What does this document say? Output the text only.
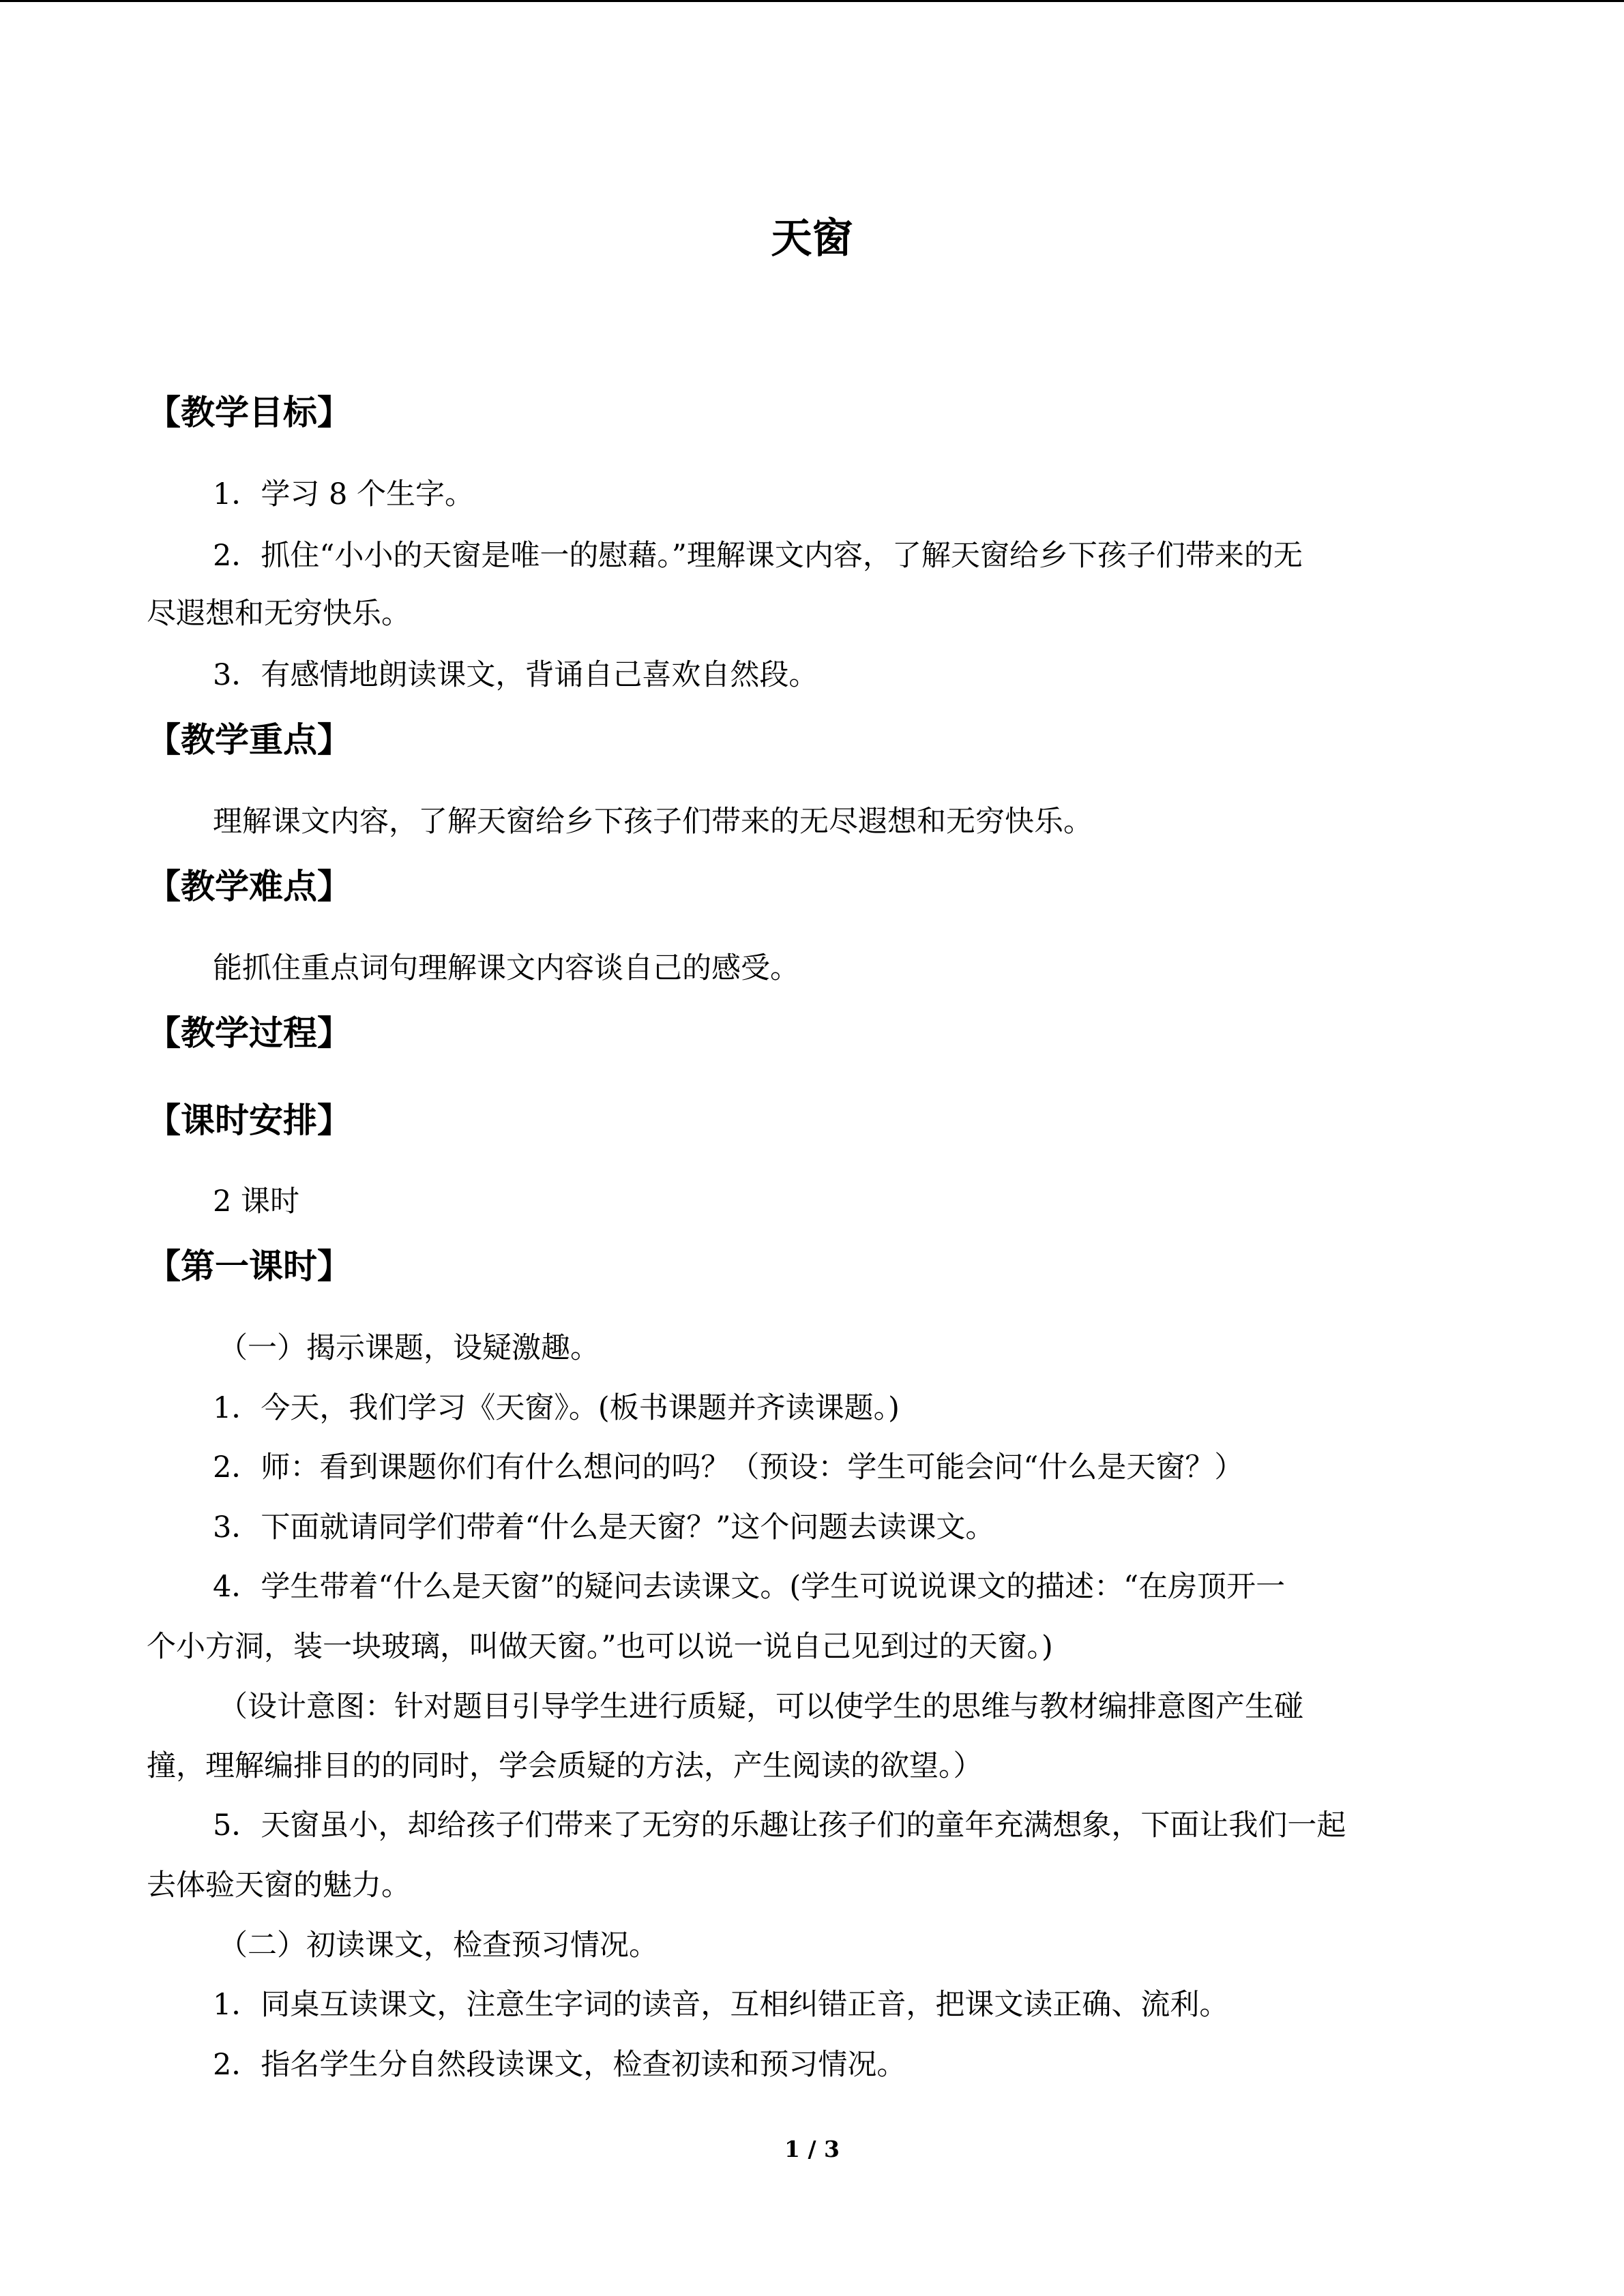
天窗
【教学目标】
1．学习 8 个生字。
2．抓住“小小的天窗是唯一的慰藉。”理解课文内容，了解天窗给乡下孩子们带来的无
尽遐想和无穷快乐。
3．有感情地朗读课文，背诵自己喜欢自然段。
【教学重点】
理解课文内容，了解天窗给乡下孩子们带来的无尽遐想和无穷快乐。
【教学难点】
能抓住重点词句理解课文内容谈自己的感受。
【教学过程】
【课时安排】
2 课时
【第一课时】
（一）揭示课题，设疑激趣。
1．今天，我们学习《天窗》。(板书课题并齐读课题。)
2．师：看到课题你们有什么想问的吗？（预设：学生可能会问“什么是天窗？）
3．下面就请同学们带着“什么是天窗？”这个问题去读课文。
4．学生带着“什么是天窗”的疑问去读课文。(学生可说说课文的描述：“在房顶开一
个小方洞，装一块玻璃，叫做天窗。”也可以说一说自己见到过的天窗。)
（设计意图：针对题目引导学生进行质疑，可以使学生的思维与教材编排意图产生碰
撞，理解编排目的的同时，学会质疑的方法，产生阅读的欲望。）
5．天窗虽小，却给孩子们带来了无穷的乐趣让孩子们的童年充满想象，下面让我们一起
去体验天窗的魅力。
（二）初读课文，检查预习情况。
1．同桌互读课文，注意生字词的读音，互相纠错正音，把课文读正确、流利。
2．指名学生分自然段读课文，检查初读和预习情况。
1 / 3
